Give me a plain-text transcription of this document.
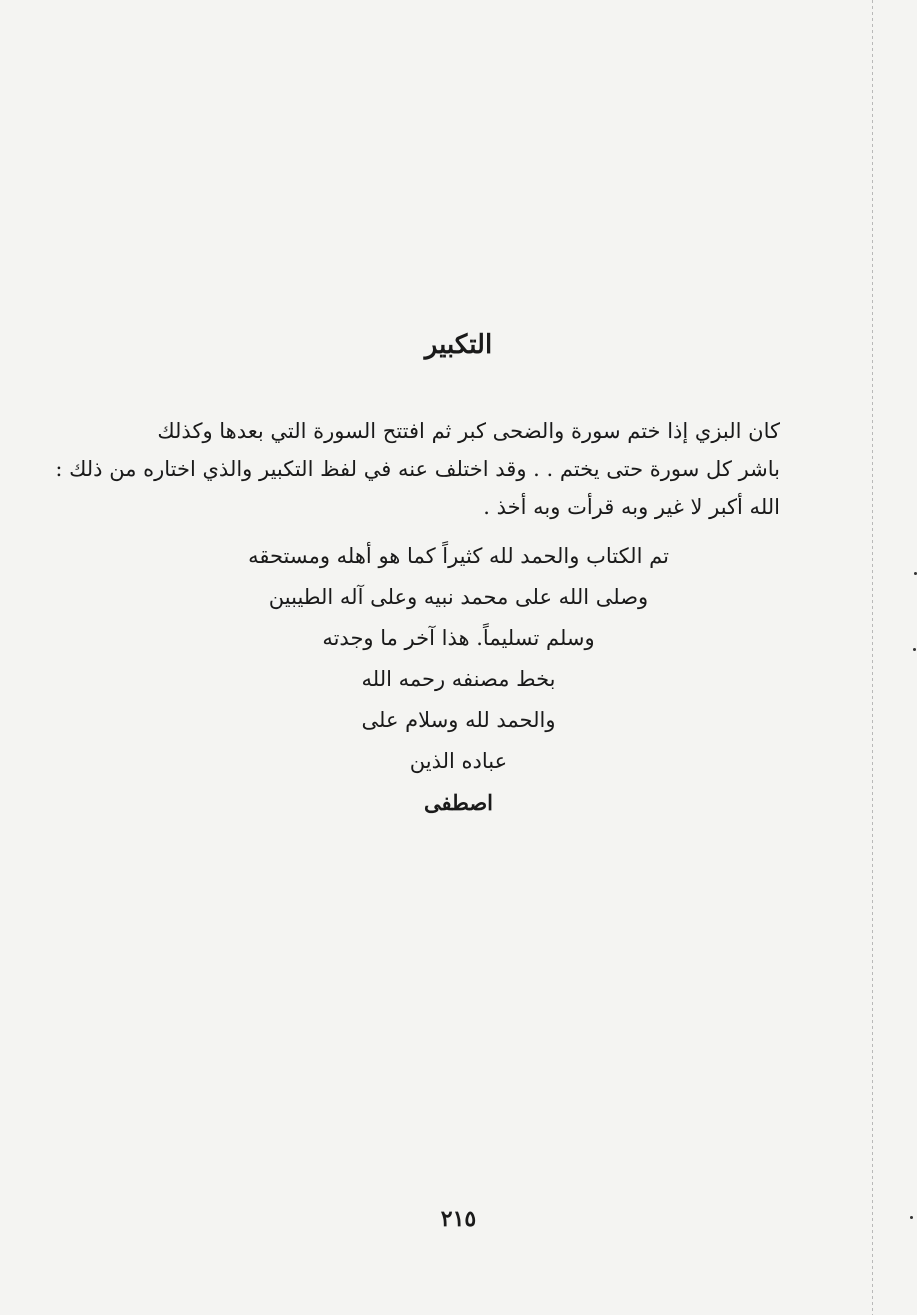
التكبير
كان البزي إذا ختم سورة والضحى كبر ثم افتتح السورة التي بعدها وكذلك
باشر كل سورة حتى يختم . . وقد اختلف عنه في لفظ التكبير والذي اختاره من ذلك :
الله أكبر لا غير وبه قرأت وبه أخذ .
تم الكتاب والحمد لله كثيراً كما هو أهله ومستحقه
وصلى الله على محمد نبيه وعلى آله الطيبين
وسلم تسليماً. هذا آخر ما وجدته
بخط مصنفه رحمه الله
والحمد لله وسلام على
عباده الذين
اصطفى
٢١٥
